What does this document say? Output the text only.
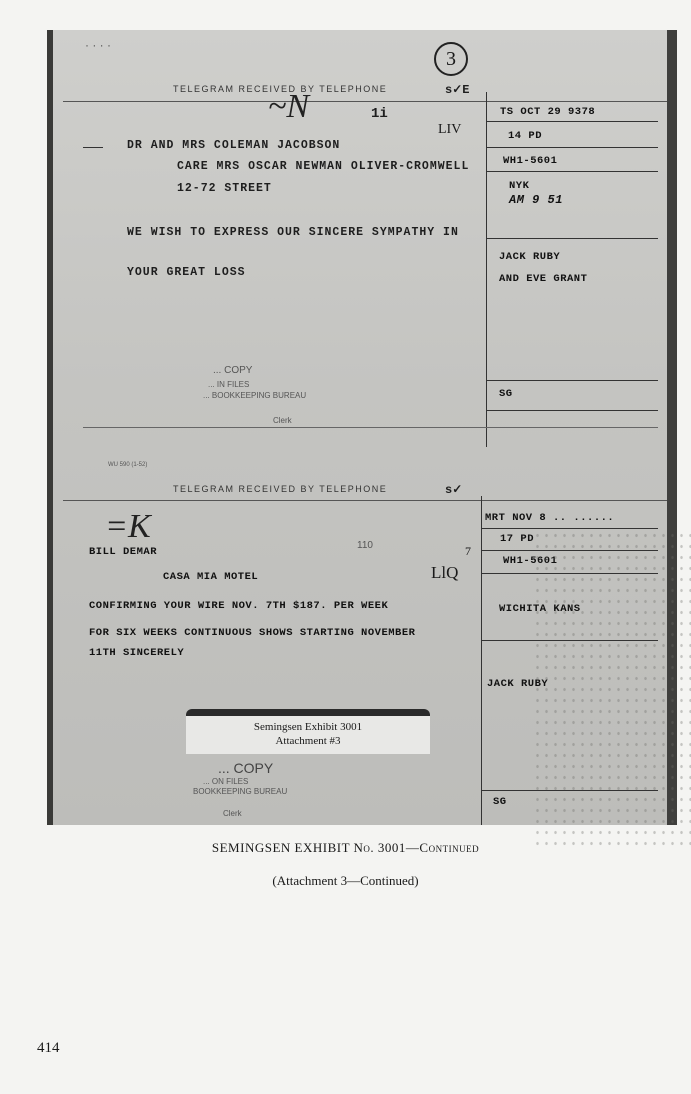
· · · ·
3
TELEGRAM RECEIVED BY TELEPHONE	s✓E
~N	1i
LIV
TS OCT 29 9378
14 PD
WH1-5601
NYK
AM 9 51
JACK RUBY
AND EVE GRANT
SG
DR AND MRS COLEMAN JACOBSON
CARE MRS OSCAR NEWMAN OLIVER-CROMWELL
12-72 STREET
WE WISH TO EXPRESS OUR SINCERE SYMPATHY IN
YOUR GREAT LOSS
... COPY
... IN FILES
... BOOKKEEPING BUREAU
Clerk
WU 590 (1-52)
TELEGRAM RECEIVED BY TELEPHONE	s✓
=K	MRT NOV 8 .. ......
17 PD
WH1-5601
WICHITA KANS
JACK RUBY
SG
BILL DEMAR
110	7
LlQ
CASA MIA MOTEL
CONFIRMING YOUR WIRE NOV. 7TH $187. PER WEEK
FOR SIX WEEKS CONTINUOUS SHOWS STARTING NOVEMBER
11TH SINCERELY
... COPY
... ON FILES
BOOKKEEPING BUREAU
Clerk
Semingsen Exhibit 3001
Attachment #3
SEMINGSEN EXHIBIT No. 3001—Continued
(Attachment 3—Continued)
414
